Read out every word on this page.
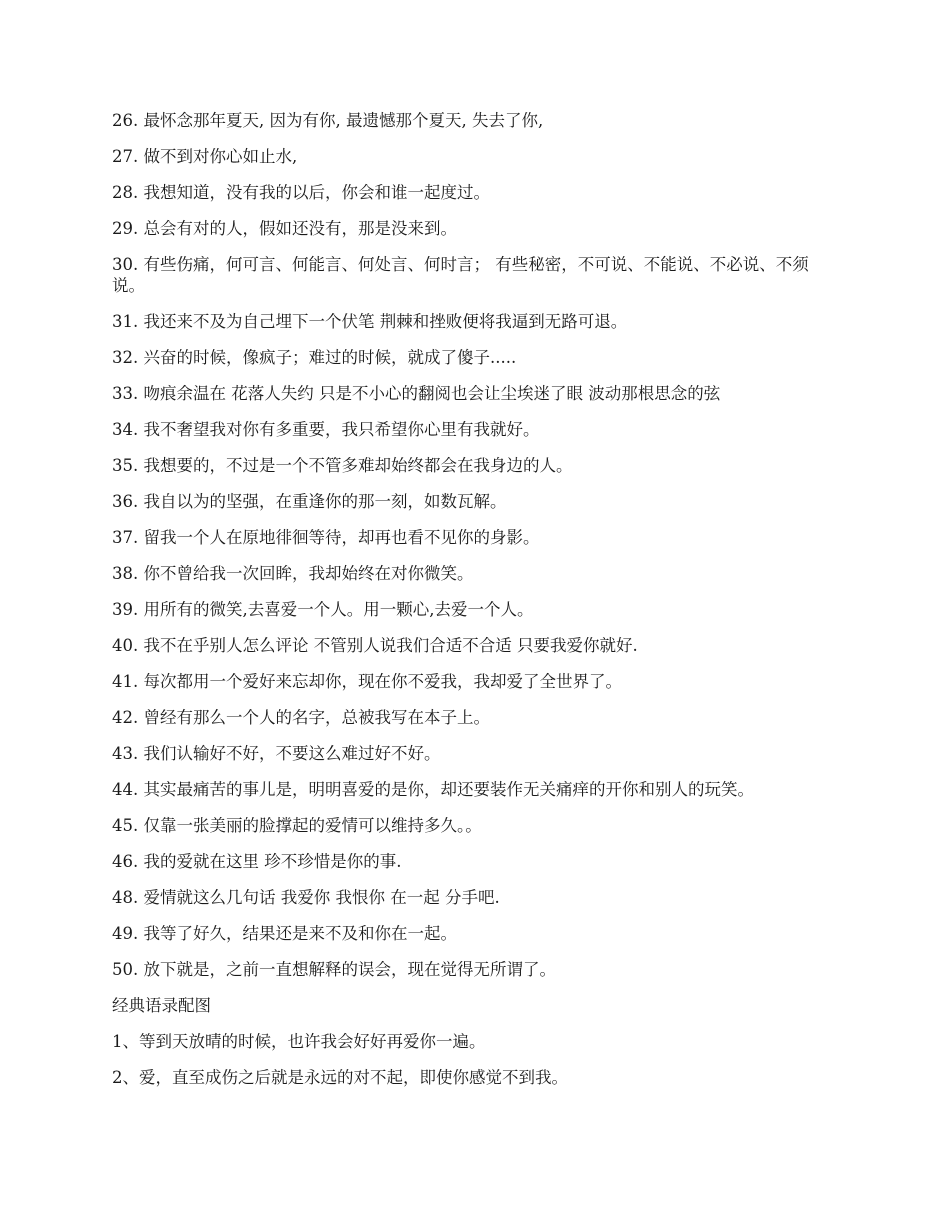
26. 最怀念那年夏天, 因为有你, 最遗憾那个夏天, 失去了你,

27. 做不到对你心如止水,

28. 我想知道，没有我的以后，你会和谁一起度过。

29. 总会有对的人，假如还没有，那是没来到。

30. 有些伤痛，何可言、何能言、何处言、何时言； 有些秘密，不可说、不能说、不必说、不须说。

31. 我还来不及为自己埋下一个伏笔 荆棘和挫败便将我逼到无路可退。

32. 兴奋的时候，像疯子；难过的时候，就成了傻子.....

33. 吻痕余温在 花落人失约 只是不小心的翻阅也会让尘埃迷了眼 波动那根思念的弦

34. 我不奢望我对你有多重要，我只希望你心里有我就好。

35. 我想要的，不过是一个不管多难却始终都会在我身边的人。

36. 我自以为的坚强，在重逢你的那一刻，如数瓦解。

37. 留我一个人在原地徘徊等待，却再也看不见你的身影。

38. 你不曾给我一次回眸，我却始终在对你微笑。

39. 用所有的微笑,去喜爱一个人。用一颗心,去爱一个人。

40. 我不在乎别人怎么评论 不管别人说我们合适不合适 只要我爱你就好.

41. 每次都用一个爱好来忘却你，现在你不爱我，我却爱了全世界了。

42. 曾经有那么一个人的名字，总被我写在本子上。

43. 我们认输好不好，不要这么难过好不好。

44. 其实最痛苦的事儿是，明明喜爱的是你，却还要装作无关痛痒的开你和别人的玩笑。

45. 仅靠一张美丽的脸撑起的爱情可以维持多久。。

46. 我的爱就在这里 珍不珍惜是你的事.

48. 爱情就这么几句话 我爱你 我恨你 在一起 分手吧.

49. 我等了好久，结果还是来不及和你在一起。

50. 放下就是，之前一直想解释的误会，现在觉得无所谓了。

经典语录配图

1、等到天放晴的时候，也许我会好好再爱你一遍。

2、爱，直至成伤之后就是永远的对不起，即使你感觉不到我。
